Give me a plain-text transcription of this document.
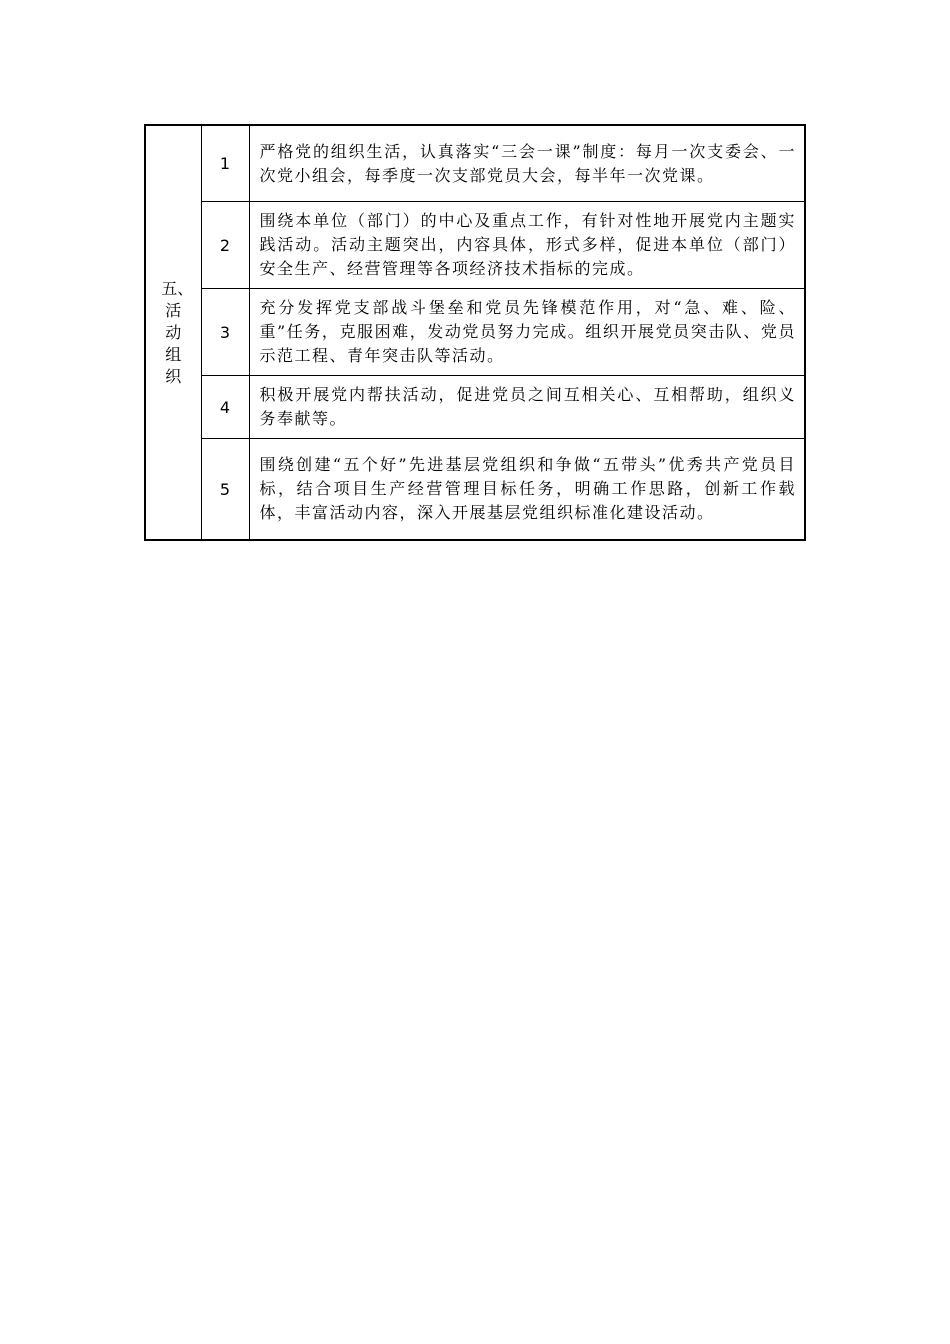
五、活动组织	1	严格党的组织生活，认真落实“三会一课”制度：每月一次支委会、一次党小组会，每季度一次支部党员大会，每半年一次党课。
	2	围绕本单位（部门）的中心及重点工作，有针对性地开展党内主题实践活动。活动主题突出，内容具体，形式多样，促进本单位（部门）安全生产、经营管理等各项经济技术指标的完成。
	3	充分发挥党支部战斗堡垒和党员先锋模范作用，对“急、难、险、重”任务，克服困难，发动党员努力完成。组织开展党员突击队、党员示范工程、青年突击队等活动。
	4	积极开展党内帮扶活动，促进党员之间互相关心、互相帮助，组织义务奉献等。
	5	围绕创建“五个好”先进基层党组织和争做“五带头”优秀共产党员目标，结合项目生产经营管理目标任务，明确工作思路，创新工作载体，丰富活动内容，深入开展基层党组织标准化建设活动。
